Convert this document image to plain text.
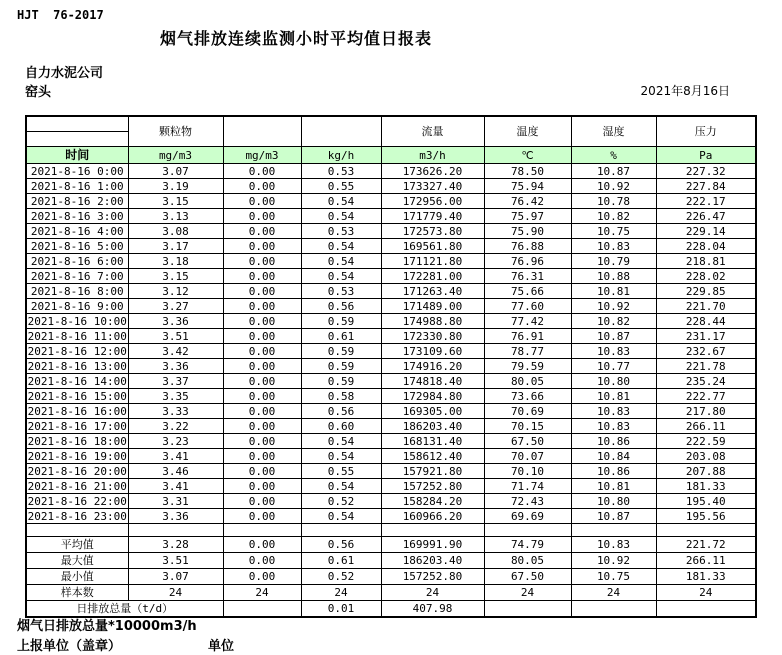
HJT  76-2017
烟气排放连续监测小时平均值日报表
自力水泥公司
窑头	2021年8月16日
	颗粒物			流量	温度	湿度	压力

时间	mg/m3	mg/m3	kg/h	m3/h	℃	%	Pa
2021-8-16 0:00	3.07	0.00	0.53	173626.20	78.50	10.87	227.32
2021-8-16 1:00	3.19	0.00	0.55	173327.40	75.94	10.92	227.84
2021-8-16 2:00	3.15	0.00	0.54	172956.00	76.42	10.78	222.17
2021-8-16 3:00	3.13	0.00	0.54	171779.40	75.97	10.82	226.47
2021-8-16 4:00	3.08	0.00	0.53	172573.80	75.90	10.75	229.14
2021-8-16 5:00	3.17	0.00	0.54	169561.80	76.88	10.83	228.04
2021-8-16 6:00	3.18	0.00	0.54	171121.80	76.96	10.79	218.81
2021-8-16 7:00	3.15	0.00	0.54	172281.00	76.31	10.88	228.02
2021-8-16 8:00	3.12	0.00	0.53	171263.40	75.66	10.81	229.85
2021-8-16 9:00	3.27	0.00	0.56	171489.00	77.60	10.92	221.70
2021-8-16 10:00	3.36	0.00	0.59	174988.80	77.42	10.82	228.44
2021-8-16 11:00	3.51	0.00	0.61	172330.80	76.91	10.87	231.17
2021-8-16 12:00	3.42	0.00	0.59	173109.60	78.77	10.83	232.67
2021-8-16 13:00	3.36	0.00	0.59	174916.20	79.59	10.77	221.78
2021-8-16 14:00	3.37	0.00	0.59	174818.40	80.05	10.80	235.24
2021-8-16 15:00	3.35	0.00	0.58	172984.80	73.66	10.81	222.77
2021-8-16 16:00	3.33	0.00	0.56	169305.00	70.69	10.83	217.80
2021-8-16 17:00	3.22	0.00	0.60	186203.40	70.15	10.83	266.11
2021-8-16 18:00	3.23	0.00	0.54	168131.40	67.50	10.86	222.59
2021-8-16 19:00	3.41	0.00	0.54	158612.40	70.07	10.84	203.08
2021-8-16 20:00	3.46	0.00	0.55	157921.80	70.10	10.86	207.88
2021-8-16 21:00	3.41	0.00	0.54	157252.80	71.74	10.81	181.33
2021-8-16 22:00	3.31	0.00	0.52	158284.20	72.43	10.80	195.40
2021-8-16 23:00	3.36	0.00	0.54	160966.20	69.69	10.87	195.56

平均值	3.28	0.00	0.56	169991.90	74.79	10.83	221.72
最大值	3.51	0.00	0.61	186203.40	80.05	10.92	266.11
最小值	3.07	0.00	0.52	157252.80	67.50	10.75	181.33
样本数	24	24	24	24	24	24	24
日排放总量（t/d）			0.01	407.98			
烟气日排放总量*10000m3/h
上报单位（盖章）	单位
